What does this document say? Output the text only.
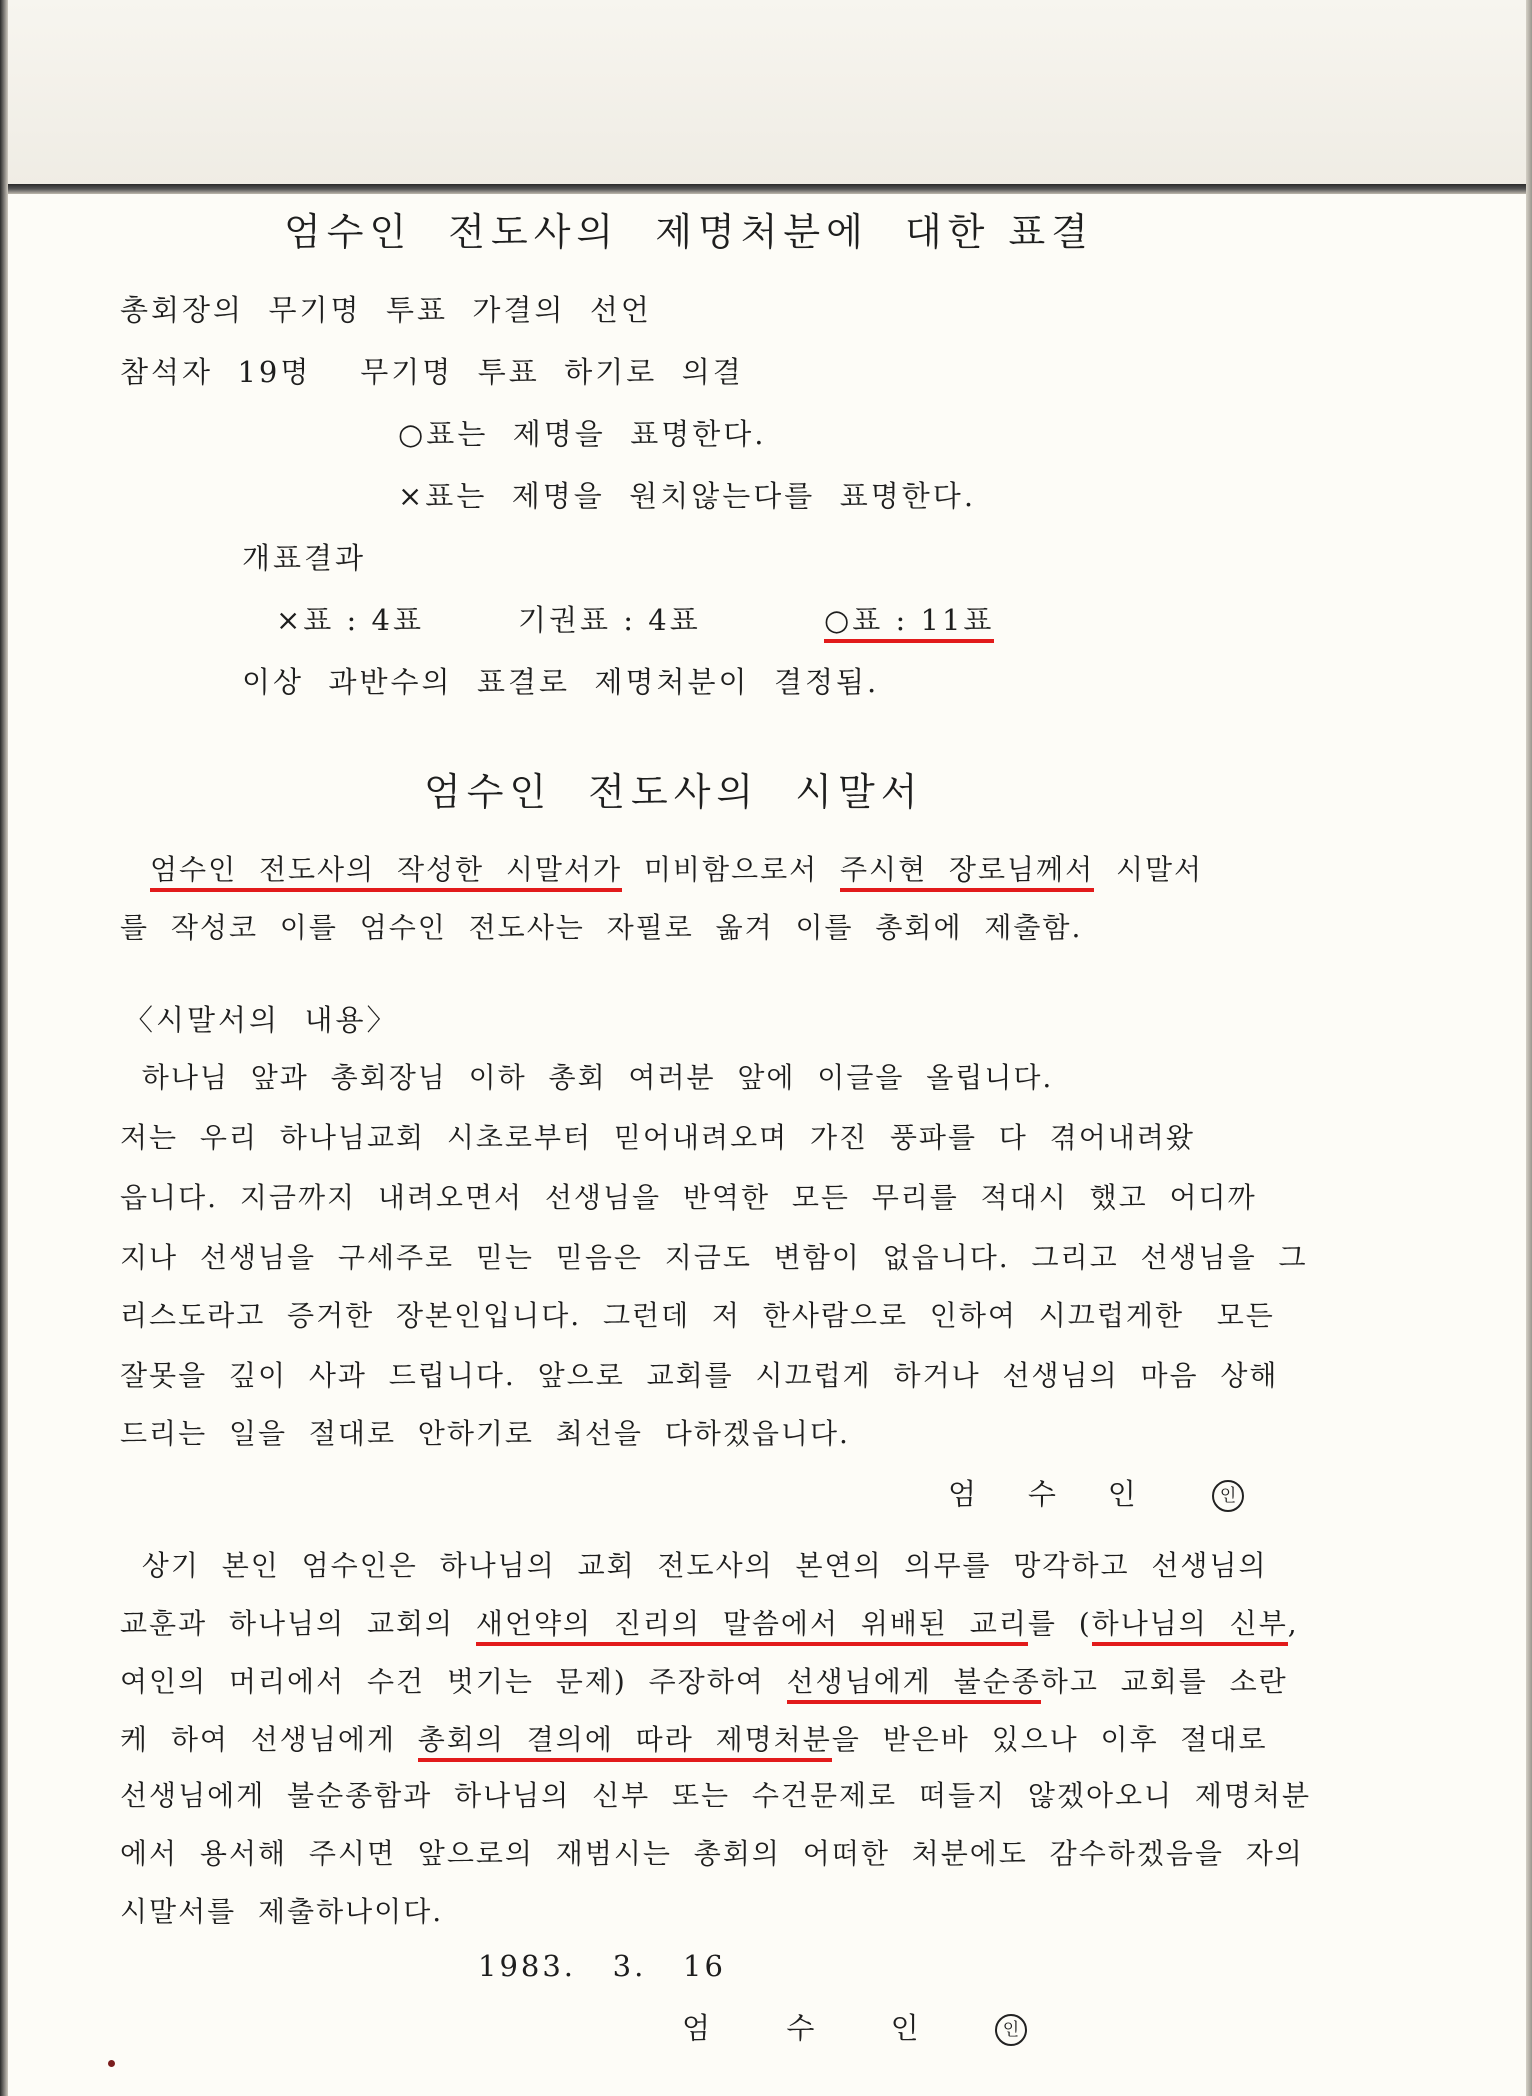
엄수인  전도사의  제명처분에  대한 표결
총회장의  무기명  투표  가결의  선언
참석자  19명    무기명  투표  하기로  의결
○표는  제명을  표명한다.
×표는  제명을  원치않는다를  표명한다.
개표결과
×표 : 4표	기권표 : 4표	○표 : 11표
이상  과반수의  표결로  제명처분이  결정됨.
엄수인  전도사의  시말서
엄수인  전도사의  작성한  시말서가  미비함으로서  주시현  장로님께서  시말서
를  작성코  이를  엄수인  전도사는  자필로  옮겨  이를  총회에  제출함.
〈시말서의  내용〉
하나님  앞과  총회장님  이하  총회  여러분  앞에  이글을  올립니다.
저는  우리  하나님교회  시초로부터  믿어내려오며  가진  풍파를  다  겪어내려왔
읍니다.  지금까지  내려오면서  선생님을  반역한  모든  무리를  적대시  했고  어디까
지나  선생님을  구세주로  믿는  믿음은  지금도  변함이  없읍니다.  그리고  선생님을  그
리스도라고  증거한  장본인입니다.  그런데  저  한사람으로  인하여  시끄럽게한   모든
잘못을  깊이  사과  드립니다.  앞으로  교회를  시끄럽게  하거나  선생님의  마음  상해
드리는  일을  절대로  안하기로  최선을  다하겠읍니다.
엄    수    인	인
상기  본인  엄수인은  하나님의  교회  전도사의  본연의  의무를  망각하고  선생님의
교훈과  하나님의  교회의  새언약의  진리의  말씀에서  위배된  교리를  (하나님의  신부,
여인의  머리에서  수건  벗기는  문제)  주장하여  선생님에게  불순종하고  교회를  소란
케  하여  선생님에게  총회의  결의에  따라  제명처분을  받은바  있으나  이후  절대로
선생님에게  불순종함과  하나님의  신부  또는  수건문제로  떠들지  않겠아오니  제명처분
에서  용서해  주시면  앞으로의  재범시는  총회의  어떠한  처분에도  감수하겠음을  자의
시말서를  제출하나이다.
1983.   3.   16
엄      수      인	인
